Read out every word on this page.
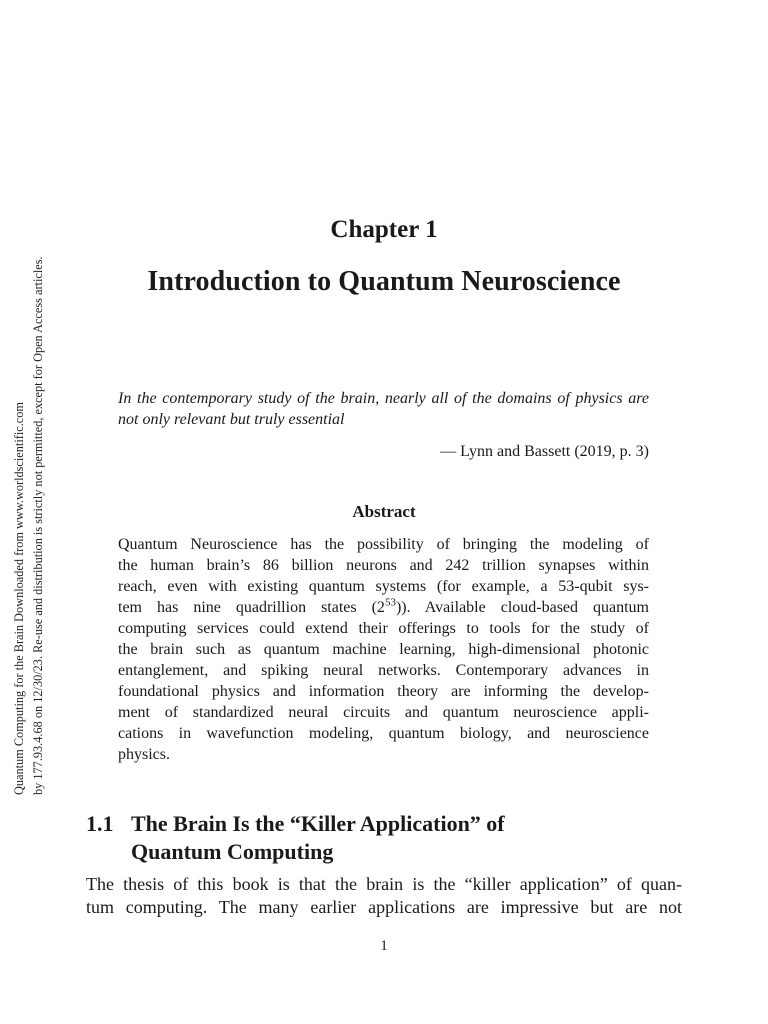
Quantum Computing for the Brain Downloaded from www.worldscientific.com by 177.93.4.68 on 12/30/23. Re-use and distribution is strictly not permitted, except for Open Access articles.
Chapter 1
Introduction to Quantum Neuroscience
In the contemporary study of the brain, nearly all of the domains of physics are not only relevant but truly essential
— Lynn and Bassett (2019, p. 3)
Abstract
Quantum Neuroscience has the possibility of bringing the modeling of
the human brain’s 86 billion neurons and 242 trillion synapses within
reach, even with existing quantum systems (for example, a 53-qubit sys-
tem has nine quadrillion states $(2^{53})$). Available cloud-based quantum
computing services could extend their offerings to tools for the study of
the brain such as quantum machine learning, high-dimensional photonic
entanglement, and spiking neural networks. Contemporary advances in
foundational physics and information theory are informing the develop-
ment of standardized neural circuits and quantum neuroscience appli-
cations in wavefunction modeling, quantum biology, and neuroscience
physics.
1.1 The Brain Is the “Killer Application” of
Quantum Computing
The thesis of this book is that the brain is the “killer application” of quan-
tum computing. The many earlier applications are impressive but are not
1
